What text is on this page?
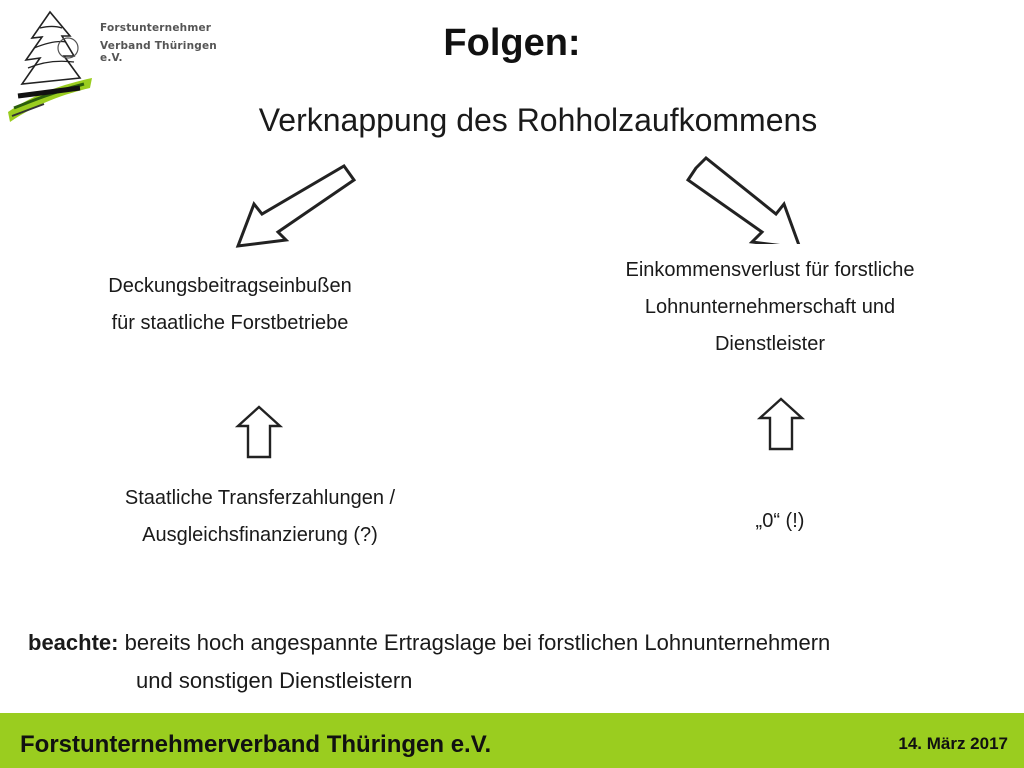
Forstunternehmer
Verband Thüringen e.V.	Folgen:
Verknappung des Rohholzaufkommens
Deckungsbeitragseinbußen
für staatliche Forstbetriebe
Einkommensverlust für forstliche
Lohnunternehmerschaft und
Dienstleister
Staatliche Transferzahlungen /
Ausgleichsfinanzierung (?)
„0“ (!)
beachte: bereits hoch angespannte Ertragslage bei forstlichen Lohnunternehmern
und sonstigen Dienstleistern
Forstunternehmerverband Thüringen e.V.	14. März 2017
